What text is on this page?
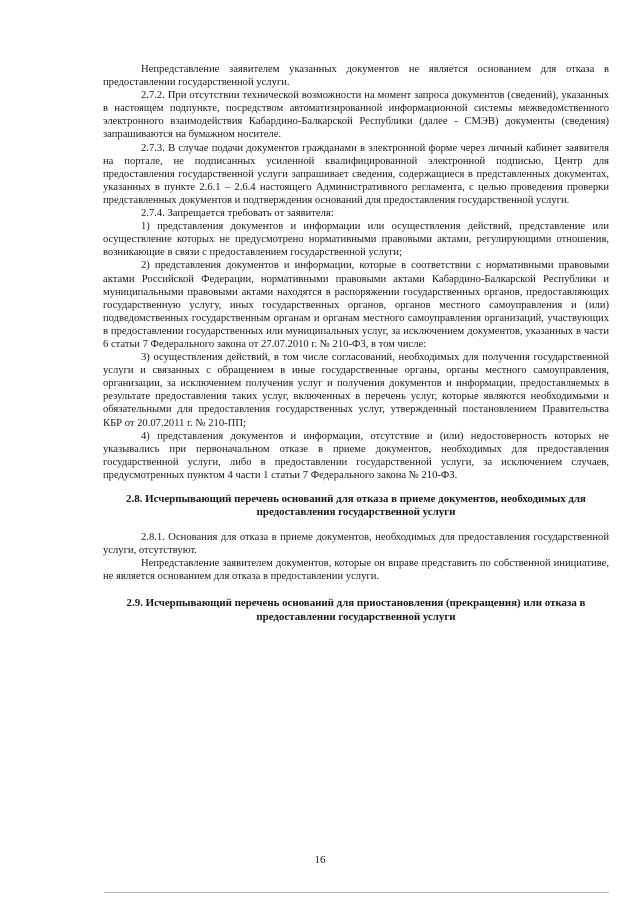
Непредставление заявителем указанных документов не является основанием для отказа в предоставлении государственной услуги.

2.7.2. При отсутствии технической возможности на момент запроса документов (сведений), указанных в настоящем подпункте, посредством автоматизированной информационной системы межведомственного электронного взаимодействия Кабардино-Балкарской Республики (далее - СМЭВ) документы (сведения) запрашиваются на бумажном носителе.

2.7.3. В случае подачи документов гражданами в электронной форме через личный кабинет заявителя на портале, не подписанных усиленной квалифицированной электронной подписью, Центр для предоставления государственной услуги запрашивает сведения, содержащиеся в представленных документах, указанных в пункте 2.6.1 – 2.6.4 настоящего Административного регламента, с целью проведения проверки представленных документов и подтверждения оснований для предоставления государственной услуги.

2.7.4. Запрещается требовать от заявителя:

1) представления документов и информации или осуществления действий, представление или осуществление которых не предусмотрено нормативными правовыми актами, регулирующими отношения, возникающие в связи с предоставлением государственной услуги;

2) представления документов и информации, которые в соответствии с нормативными правовыми актами Российской Федерации, нормативными правовыми актами Кабардино-Балкарской Республики и муниципальными правовыми актами находятся в распоряжении государственных органов, предоставляющих государственную услугу, иных государственных органов, органов местного самоуправления и (или) подведомственных государственным органам и органам местного самоуправления организаций, участвующих в предоставлении государственных или муниципальных услуг, за исключением документов, указанных в части 6 статьи 7 Федерального закона от 27.07.2010 г. № 210-ФЗ, в том числе:

3) осуществления действий, в том числе согласований, необходимых для получения государственной услуги и связанных с обращением в иные государственные органы, органы местного самоуправления, организации, за исключением получения услуг и получения документов и информации, предоставляемых в результате предоставления таких услуг, включенных в перечень услуг, которые являются необходимыми и обязательными для предоставления государственных услуг, утвержденный постановлением Правительства КБР от 20.07.2011 г. № 210-ПП;

4) представления документов и информации, отсутствие и (или) недостоверность которых не указывались при первоначальном отказе в приеме документов, необходимых для предоставления государственной услуги, либо в предоставлении государственной услуги, за исключением случаев, предусмотренных пунктом 4 части 1 статьи 7 Федерального закона № 210-ФЗ.

2.8. Исчерпывающий перечень оснований для отказа в приеме документов, необходимых для предоставления государственной услуги

2.8.1. Основания для отказа в приеме документов, необходимых для предоставления государственной услуги, отсутствуют.

Непредставление заявителем документов, которые он вправе представить по собственной инициативе, не является основанием для отказа в предоставлении услуги.

2.9. Исчерпывающий перечень оснований для приостановления (прекращения) или отказа в предоставлении государственной услуги

16
